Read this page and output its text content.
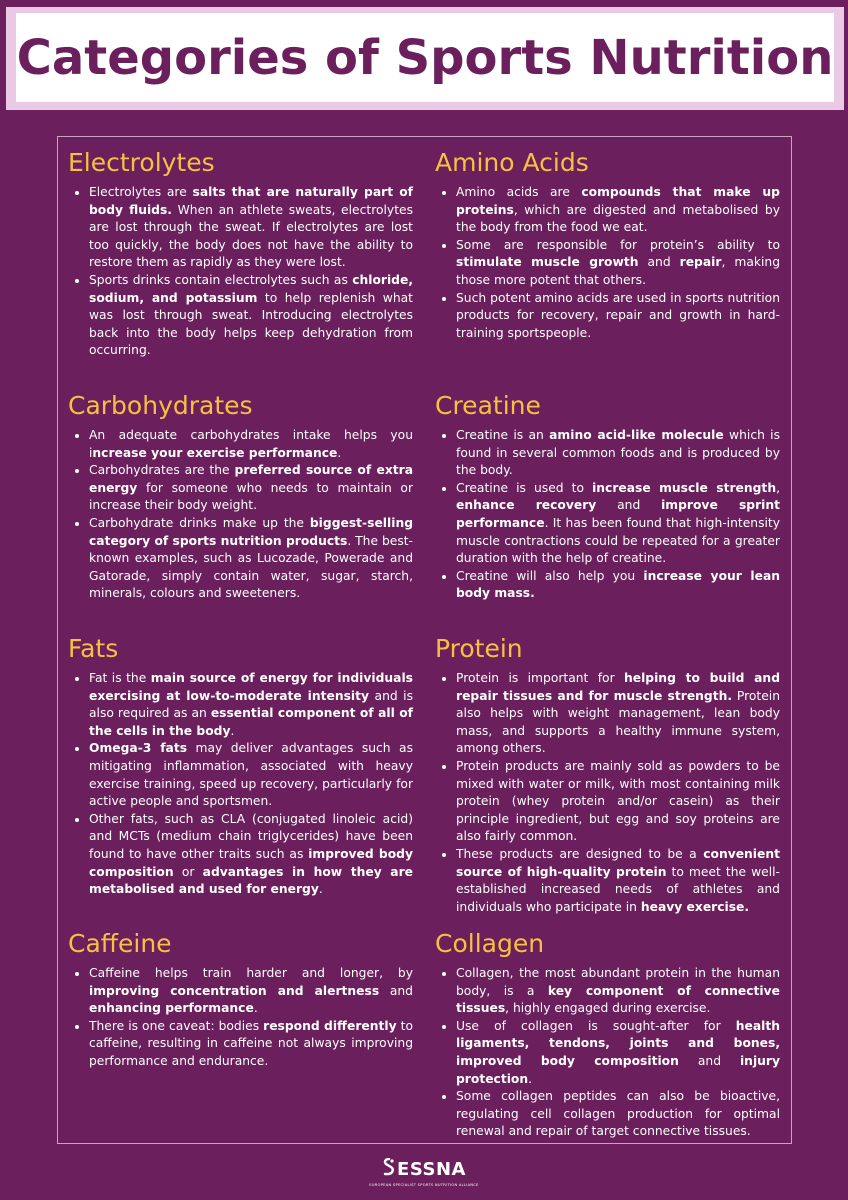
Categories of Sports Nutrition
Electrolytes
Electrolytes are salts that are naturally part of body fluids. When an athlete sweats, electrolytes are lost through the sweat. If electrolytes are lost too quickly, the body does not have the ability to restore them as rapidly as they were lost.
Sports drinks contain electrolytes such as chloride, sodium, and potassium to help replenish what was lost through sweat. Introducing electrolytes back into the body helps keep dehydration from occurring.
Amino Acids
Amino acids are compounds that make up proteins, which are digested and metabolised by the body from the food we eat.
Some are responsible for protein’s ability to stimulate muscle growth and repair, making those more potent that others.
Such potent amino acids are used in sports nutrition products for recovery, repair and growth in hard-training sportspeople.
Carbohydrates
An adequate carbohydrates intake helps you increase your exercise performance.
Carbohydrates are the preferred source of extra energy for someone who needs to maintain or increase their body weight.
Carbohydrate drinks make up the biggest-selling category of sports nutrition products. The best-known examples, such as Lucozade, Powerade and Gatorade, simply contain water, sugar, starch, minerals, colours and sweeteners.
Creatine
Creatine is an amino acid-like molecule which is found in several common foods and is produced by the body.
Creatine is used to increase muscle strength, enhance recovery and improve sprint performance. It has been found that high-intensity muscle contractions could be repeated for a greater duration with the help of creatine.
Creatine will also help you increase your lean body mass.
Fats
Fat is the main source of energy for individuals exercising at low-to-moderate intensity and is also required as an essential component of all of the cells in the body.
Omega-3 fats may deliver advantages such as mitigating inflammation, associated with heavy exercise training, speed up recovery, particularly for active people and sportsmen.
Other fats, such as CLA (conjugated linoleic acid) and MCTs (medium chain triglycerides) have been found to have other traits such as improved body composition or advantages in how they are metabolised and used for energy.
Protein
Protein is important for helping to build and repair tissues and for muscle strength. Protein also helps with weight management, lean body mass, and supports a healthy immune system, among others.
Protein products are mainly sold as powders to be mixed with water or milk, with most containing milk protein (whey protein and/or casein) as their principle ingredient, but egg and soy proteins are also fairly common.
These products are designed to be a convenient source of high-quality protein to meet the well-established increased needs of athletes and individuals who participate in heavy exercise.
Caffeine
Caffeine helps train harder and longer, by improving concentration and alertness and enhancing performance.
There is one caveat: bodies respond differently to caffeine, resulting in caffeine not always improving performance and endurance.
Collagen
Collagen, the most abundant protein in the human body, is a key component of connective tissues, highly engaged during exercise.
Use of collagen is sought-after for health ligaments, tendons, joints and bones, improved body composition and injury protection.
Some collagen peptides can also be bioactive, regulating cell collagen production for optimal renewal and repair of target connective tissues.
ESSNA
EUROPEAN SPECIALIST SPORTS NUTRITION ALLIANCE
